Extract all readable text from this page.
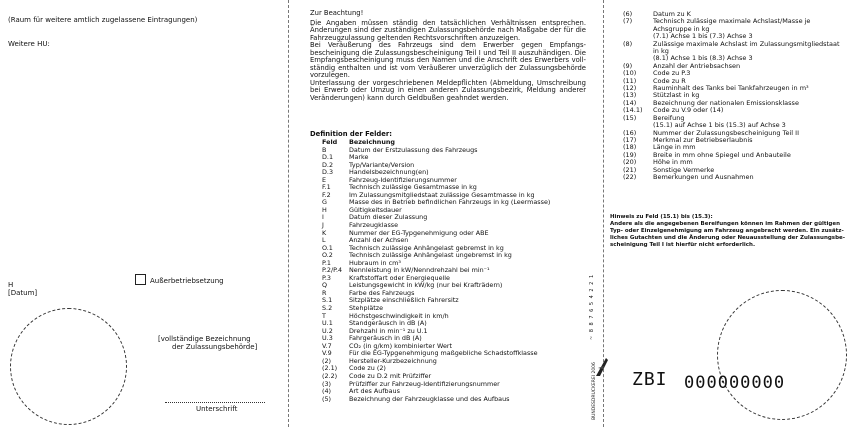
(Raum für weitere amtlich zugelassene Eintragungen)
Weitere HU:
H
[Datum]
Außerbetriebsetzung
[vollständige Bezeichnung
der Zulassungsbehörde]
Unterschrift
Zur Beachtung!
Die Angaben müssen ständig den tatsächlichen Verhältnissen entsprechen. Änderungen sind der zuständigen Zulassungsbehörde nach Maßgabe der für die Fahrzeugzulassung geltenden Rechtsvorschriften anzuzeigen.
Bei Veräußerung des Fahrzeugs sind dem Erwerber gegen Empfangs-bescheinigung die Zulassungsbescheinigung Teil I und Teil II auszuhändigen. Die Empfangsbescheinigung muss den Namen und die Anschrift des Erwerbers voll-ständig enthalten und ist vom Veräußerer unverzüglich der Zulassungsbehörde vorzulegen.
Unterlassung der vorgeschriebenen Meldepflichten (Abmeldung, Umschreibung bei Erwerb oder Umzug in einen anderen Zulassungsbezirk, Meldung anderer Veränderungen) kann durch Geldbußen geahndet werden.
Definition der Felder:
Feld	Bezeichnung
B	Datum der Erstzulassung des Fahrzeugs
D.1	Marke
D.2	Typ/Variante/Version
D.3	Handelsbezeichnung(en)
E	Fahrzeug-Identifizierungsnummer
F.1	Technisch zulässige Gesamtmasse in kg
F.2	Im Zulassungsmitgliedstaat zulässige Gesamtmasse in kg
G	Masse des in Betrieb befindlichen Fahrzeugs in kg (Leermasse)
H	Gültigkeitsdauer
I	Datum dieser Zulassung
J	Fahrzeugklasse
K	Nummer der EG-Typgenehmigung oder ABE
L	Anzahl der Achsen
O.1	Technisch zulässige Anhängelast gebremst in kg
O.2	Technisch zulässige Anhängelast ungebremst in kg
P.1	Hubraum in cm³
P.2/P.4	Nennleistung in kW/Nenndrehzahl bei min⁻¹
P.3	Kraftstoffart oder Energiequelle
Q	Leistungsgewicht in kW/kg (nur bei Krafträdern)
R	Farbe des Fahrzeugs
S.1	Sitzplätze einschließlich Fahrersitz
S.2	Stehplätze
T	Höchstgeschwindigkeit in km/h
U.1	Standgeräusch in dB (A)
U.2	Drehzahl in min⁻¹ zu U.1
U.3	Fahrgeräusch in dB (A)
V.7	CO₂ (in g/km) kombinierter Wert
V.9	Für die EG-Typgenehmigung maßgebliche Schadstoffklasse
(2)	Hersteller-Kurzbezeichnung
(2.1)	Code zu (2)
(2.2)	Code zu D.2 mit Prüfziffer
(3)	Prüfziffer zur Fahrzeug-Identifizierungsnummer
(4)	Art des Aufbaus
(5)	Bezeichnung der Fahrzeugklasse und des Aufbaus
(6)	Datum zu K
(7)	Technisch zulässige maximale Achslast/Masse je
Achsgruppe in kg
(7.1) Achse 1 bis (7.3) Achse 3
(8)	Zulässige maximale Achslast im Zulassungsmitgliedstaat
in kg
(8.1) Achse 1 bis (8.3) Achse 3
(9)	Anzahl der Antriebsachsen
(10)	Code zu P.3
(11)	Code zu R
(12)	Rauminhalt des Tanks bei Tankfahrzeugen in m³
(13)	Stützlast in kg
(14)	Bezeichnung der nationalen Emissionsklasse
(14.1)	Code zu V.9 oder (14)
(15)	Bereifung
(15.1) auf Achse 1 bis (15.3) auf Achse 3
(16)	Nummer der Zulassungsbescheinigung Teil II
(17)	Merkmal zur Betriebserlaubnis
(18)	Länge in mm
(19)	Breite in mm ohne Spiegel und Anbauteile
(20)	Höhe in mm
(21)	Sonstige Vermerke
(22)	Bemerkungen und Ausnahmen

Hinweis zu Feld (15.1) bis (15.3):

Andere als die angegebenen Bereifungen können im Rahmen der gültigen

Typ- oder Einzelgenehmigung am Fahrzeug angebracht werden. Ein zusätz-

liches Gutachten und die Änderung oder Neuausstellung der Zulassungsbe-

scheinigung Teil I ist hierfür nicht erforderlich.

~ 8 8 7 6 5 4 2 2 1
BUNDESDRUCKEREI 2006 ZBI 000000000
